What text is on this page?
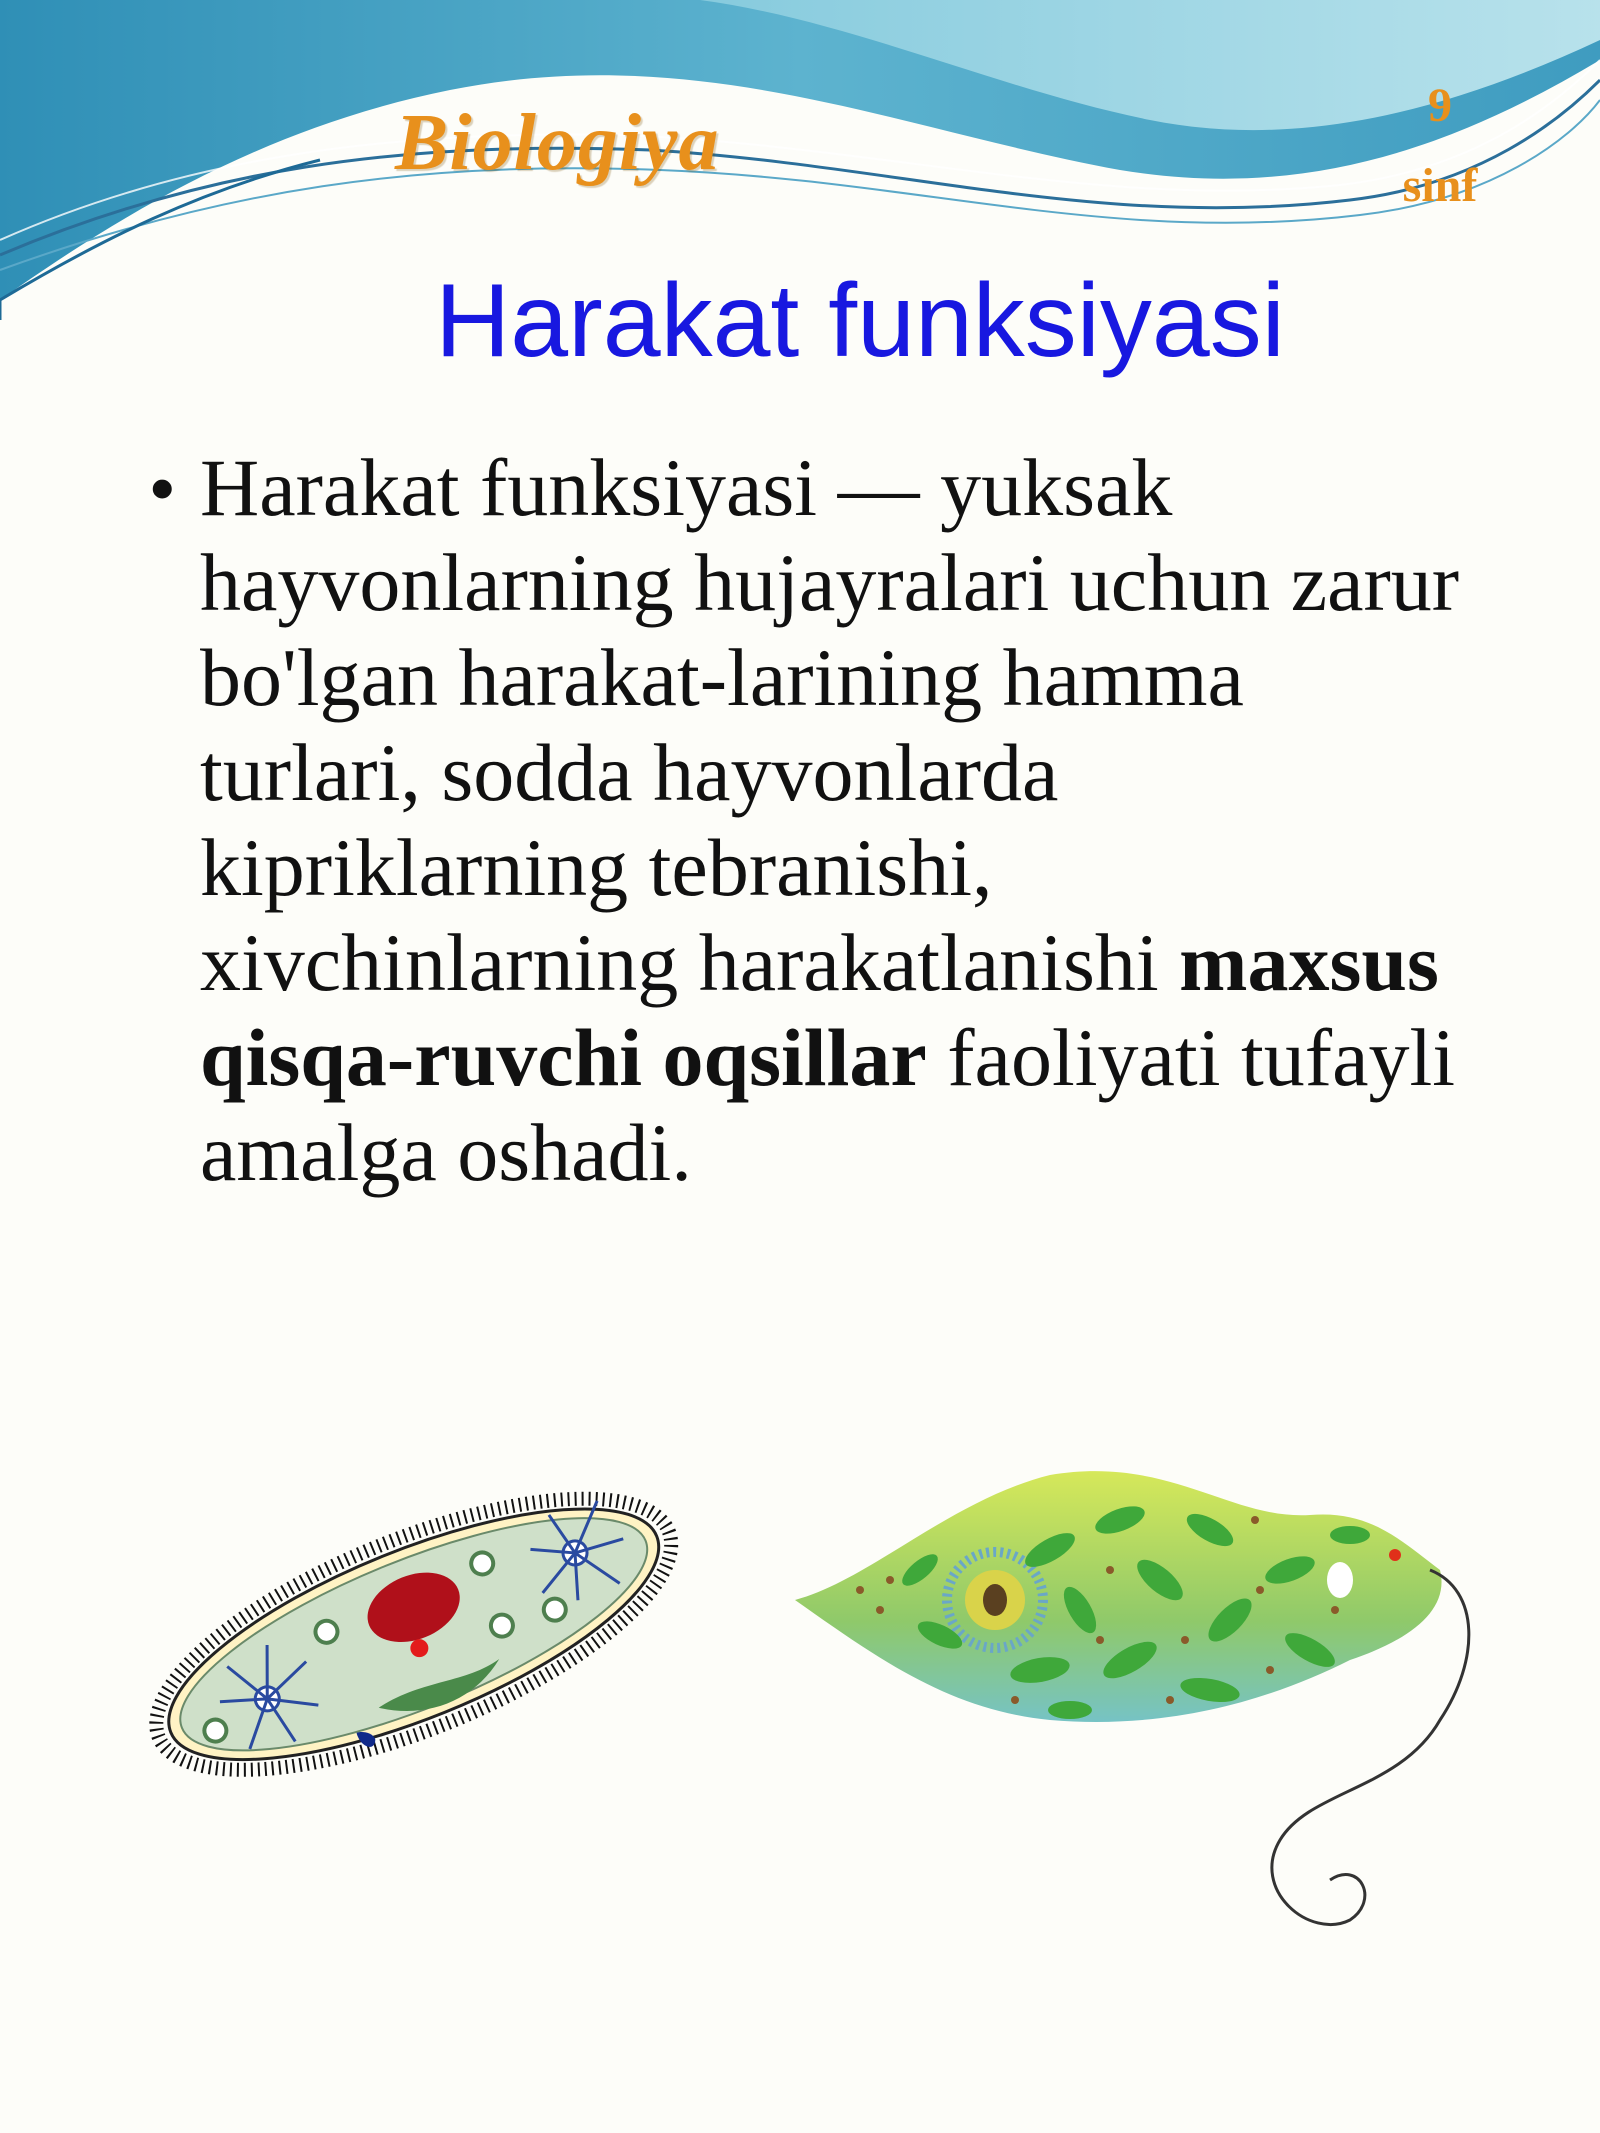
Biologiya	9
sinf
Harakat funksiyasi
• Harakat funksiyasi — yuksak hayvonlarning hujayralari uchun zarur bo'lgan harakat-larining hamma turlari, sodda hayvonlarda kipriklarning tebranishi, xivchinlarning harakatlanishi maxsus qisqa-ruvchi oqsillar faoliyati tufayli amalga oshadi.
